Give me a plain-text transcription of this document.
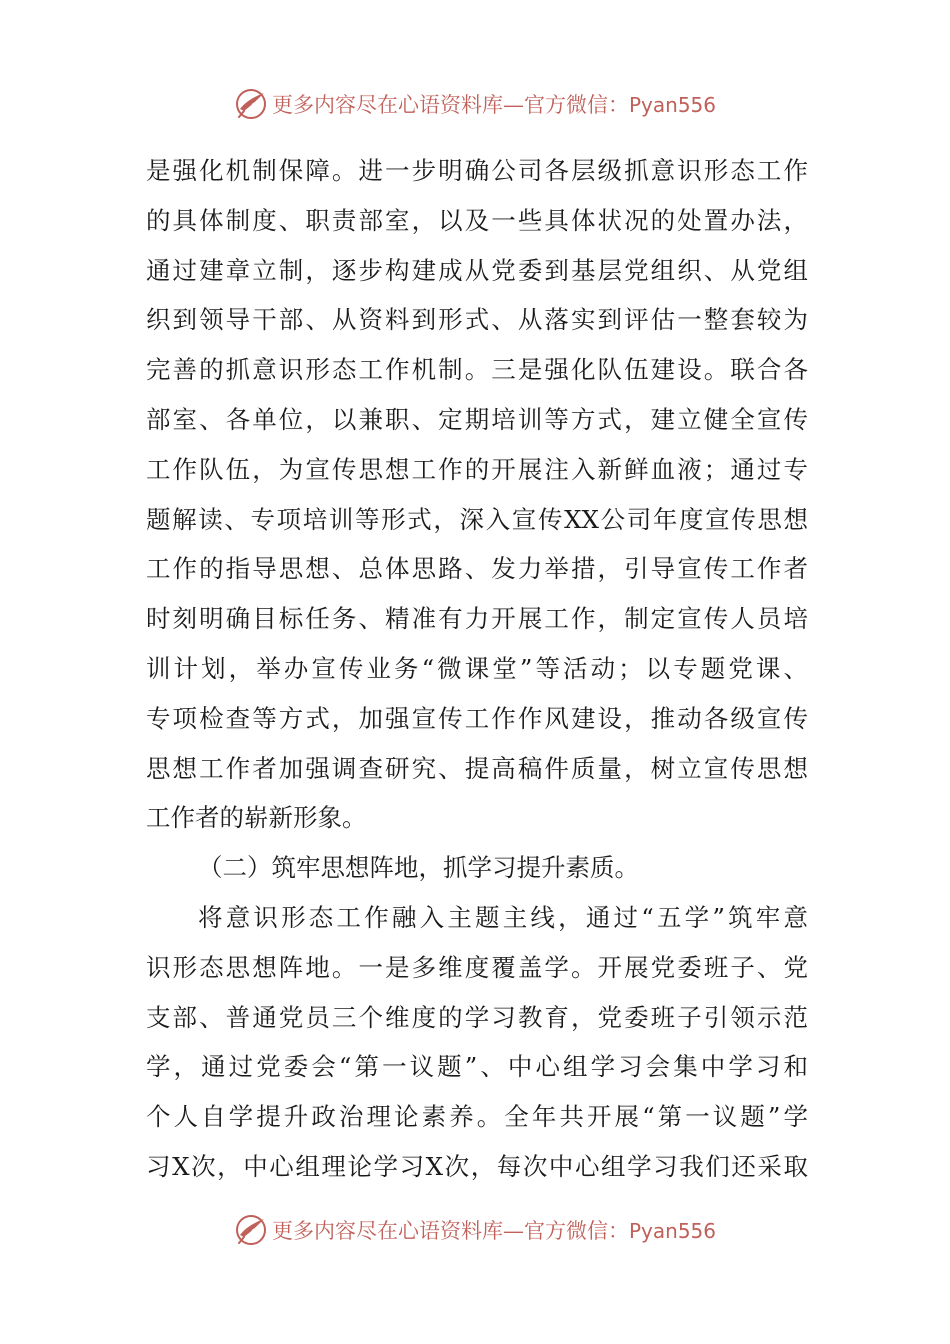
更多内容尽在心语资料库—官方微信：Pyan556
是强化机制保障。进一步明确公司各层级抓意识形态工作
的具体制度、职责部室，以及一些具体状况的处置办法，
通过建章立制，逐步构建成从党委到基层党组织、从党组
织到领导干部、从资料到形式、从落实到评估一整套较为
完善的抓意识形态工作机制。三是强化队伍建设。联合各
部室、各单位，以兼职、定期培训等方式，建立健全宣传
工作队伍，为宣传思想工作的开展注入新鲜血液；通过专
题解读、专项培训等形式，深入宣传XX公司年度宣传思想
工作的指导思想、总体思路、发力举措，引导宣传工作者
时刻明确目标任务、精准有力开展工作，制定宣传人员培
训计划，举办宣传业务“微课堂”等活动；以专题党课、
专项检查等方式，加强宣传工作作风建设，推动各级宣传
思想工作者加强调查研究、提高稿件质量，树立宣传思想
工作者的崭新形象。
（二）筑牢思想阵地，抓学习提升素质。
将意识形态工作融入主题主线，通过“五学”筑牢意
识形态思想阵地。一是多维度覆盖学。开展党委班子、党
支部、普通党员三个维度的学习教育，党委班子引领示范
学，通过党委会“第一议题”、中心组学习会集中学习和
个人自学提升政治理论素养。全年共开展“第一议题”学
习X次，中心组理论学习X次，每次中心组学习我们还采取
更多内容尽在心语资料库—官方微信：Pyan556
